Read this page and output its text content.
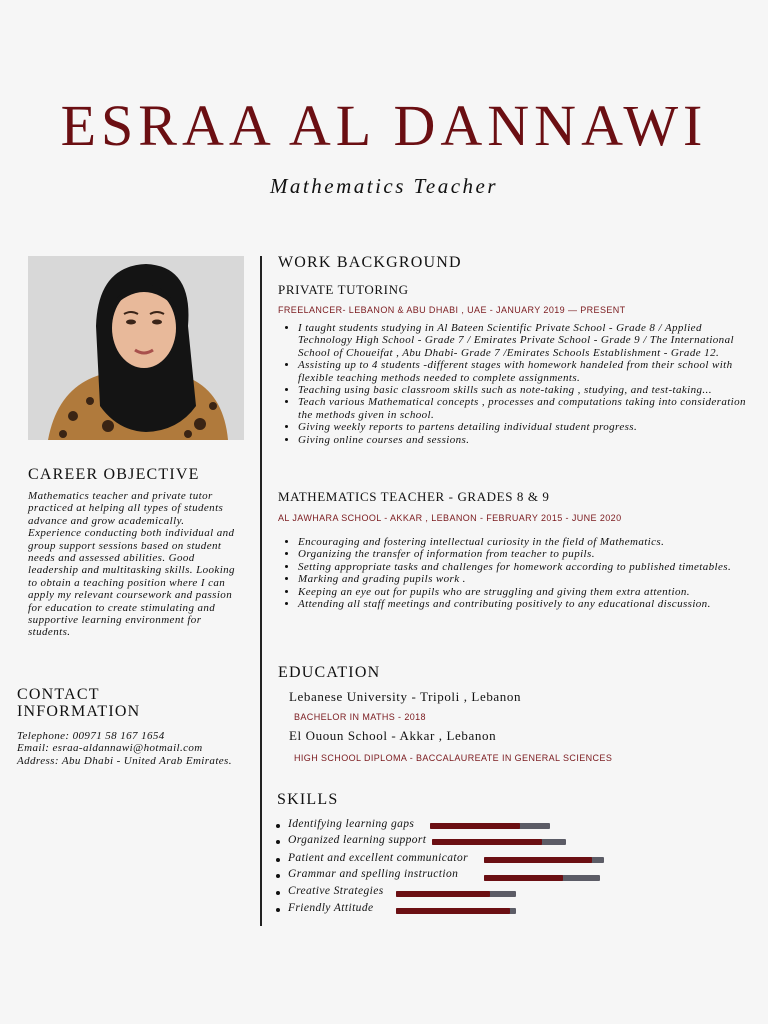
ESRAA AL DANNAWI
Mathematics Teacher
CAREER OBJECTIVE
Mathematics teacher and private tutor practiced at helping all types of students advance and grow academically. Experience conducting both individual and group support sessions based on student needs and assessed abilities. Good leadership and multitasking skills. Looking to obtain a teaching position where I can apply my relevant coursework and passion for education to create stimulating and supportive learning environment for students.
CONTACT
INFORMATION
Telephone: 00971 58 167 1654
Email: esraa-aldannawi@hotmail.com
Address: Abu Dhabi - United Arab Emirates.
WORK BACKGROUND
PRIVATE TUTORING
FREELANCER- LEBANON & ABU DHABI , UAE - JANUARY 2019 — PRESENT
• I taught students studying in Al Bateen Scientific Private School - Grade 8 / Applied Technology High School - Grade 7 / Emirates Private School - Grade 9 / The International School of Choueifat , Abu Dhabi- Grade 7 /Emirates Schools Establishment - Grade 12.
• Assisting up to 4 students -different stages with homework handeled from their school with flexible teaching methods needed to complete assignments.
• Teaching using basic classroom skills such as note-taking , studying, and test-taking...
• Teach various Mathematical concepts , processes and computations taking into consideration the methods given in school.
• Giving weekly reports to partens detailing individual student progress.
• Giving online courses and sessions.
MATHEMATICS TEACHER - GRADES 8 & 9
AL JAWHARA SCHOOL - AKKAR , LEBANON - FEBRUARY 2015 - JUNE 2020
• Encouraging and fostering intellectual curiosity in the field of Mathematics.
• Organizing the transfer of information from teacher to pupils.
• Setting appropriate tasks and challenges for homework according to published timetables.
• Marking and grading pupils work .
• Keeping an eye out for pupils who are struggling and giving them extra attention.
• Attending all staff meetings and contributing positively to any educational discussion.
EDUCATION
Lebanese University - Tripoli , Lebanon
BACHELOR IN MATHS - 2018
El Ououn School - Akkar , Lebanon
HIGH SCHOOL DIPLOMA - BACCALAUREATE IN GENERAL SCIENCES
SKILLS
Identifying learning gaps
Organized learning support
Patient and excellent communicator
Grammar and spelling instruction
Creative Strategies
Friendly Attitude
